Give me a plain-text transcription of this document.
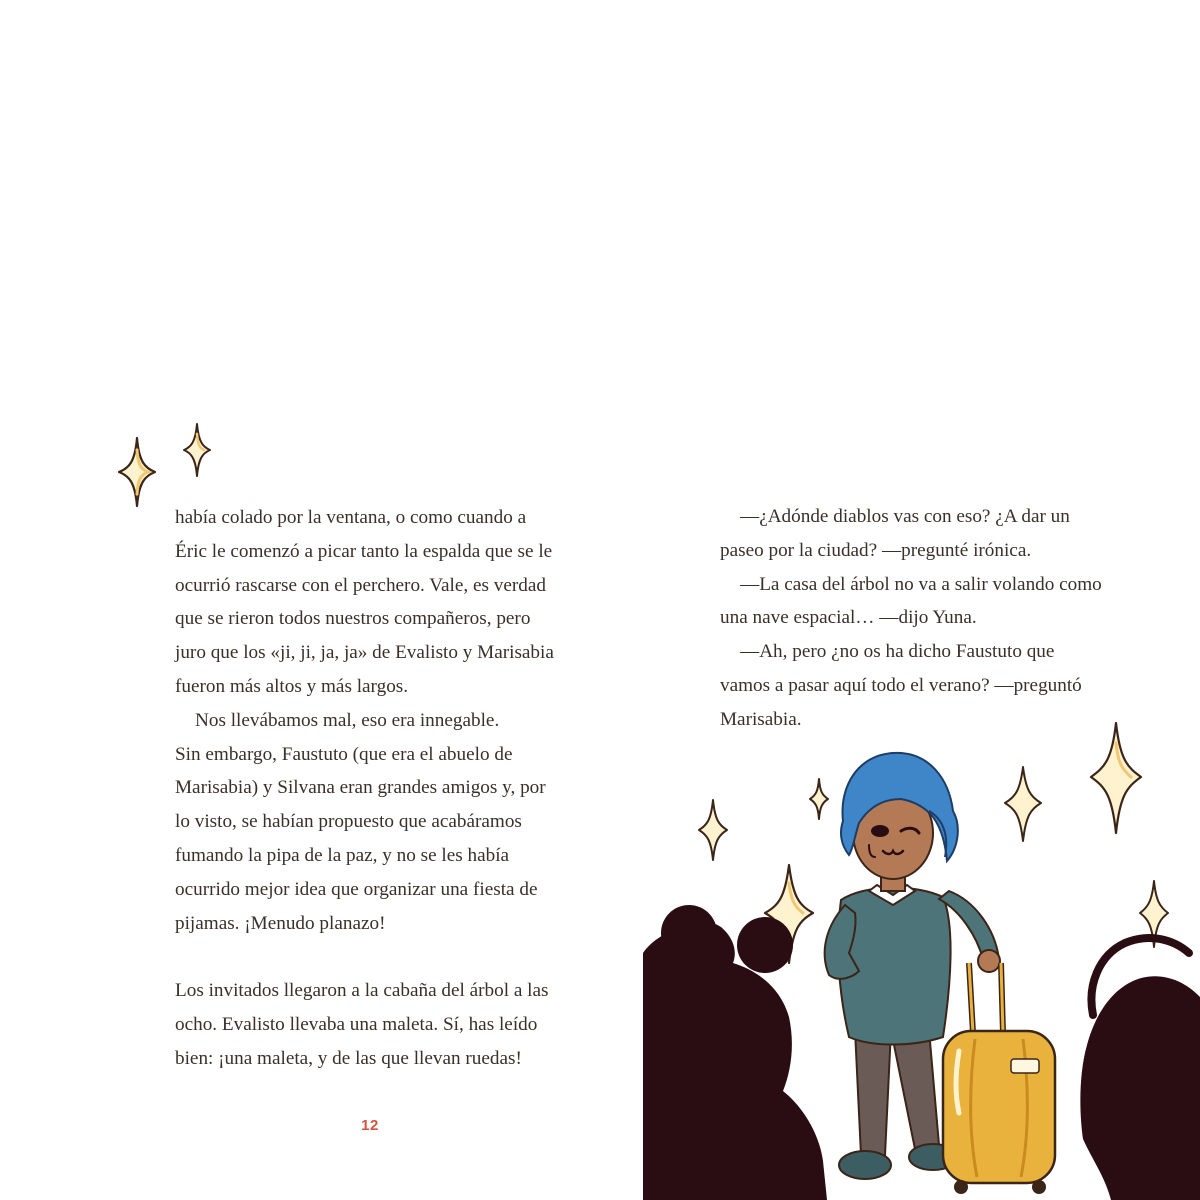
había colado por la ventana, o como cuando a

Éric le comenzó a picar tanto la espalda que se le

ocurrió rascarse con el perchero. Vale, es verdad

que se rieron todos nuestros compañeros, pero

juro que los «ji, ji, ja, ja» de Evalisto y Marisabia

fueron más altos y más largos.

Nos llevábamos mal, eso era innegable.

Sin embargo, Faustuto (que era el abuelo de

Marisabia) y Silvana eran grandes amigos y, por

lo visto, se habían propuesto que acabáramos

fumando la pipa de la paz, y no se les había

ocurrido mejor idea que organizar una fiesta de

pijamas. ¡Menudo planazo!

Los invitados llegaron a la cabaña del árbol a las

ocho. Evalisto llevaba una maleta. Sí, has leído

bien: ¡una maleta, y de las que llevan ruedas!

12

—¿Adónde diablos vas con eso? ¿A dar un

paseo por la ciudad? —pregunté irónica.

—La casa del árbol no va a salir volando como

una nave espacial… —dijo Yuna.

—Ah, pero ¿no os ha dicho Faustuto que

vamos a pasar aquí todo el verano? —preguntó

Marisabia.
